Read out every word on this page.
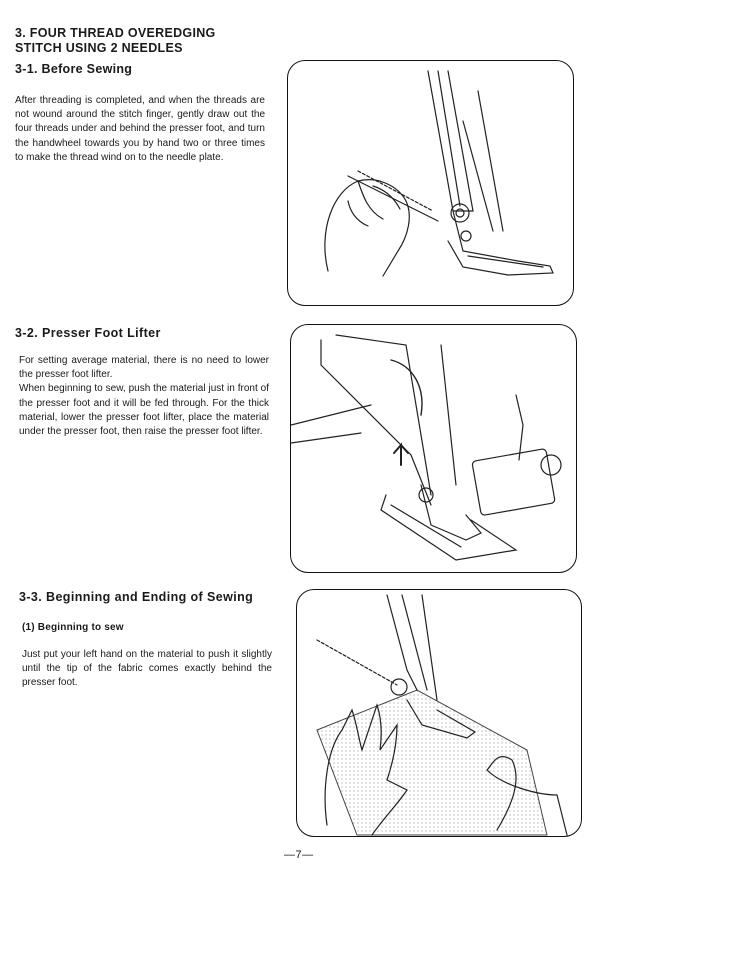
3. FOUR THREAD OVEREDGING
STITCH USING 2 NEEDLES
3-1. Before Sewing

After threading is completed, and when the threads are not wound around the stitch finger, gently draw out the four threads under and behind the presser foot, and turn the handwheel towards you by hand two or three times to make the thread wind on to the needle plate.

3-2. Presser Foot Lifter

For setting average material, there is no need to lower the presser foot lifter.

When beginning to sew, push the material just in front of the presser foot and it will be fed through. For the thick material, lower the presser foot lifter, place the material under the presser foot, then raise the presser foot lifter.

3-3. Beginning and Ending of Sewing
(1) Beginning to sew

Just put your left hand on the material to push it slightly until the tip of the fabric comes exactly behind the presser foot.

—7—
